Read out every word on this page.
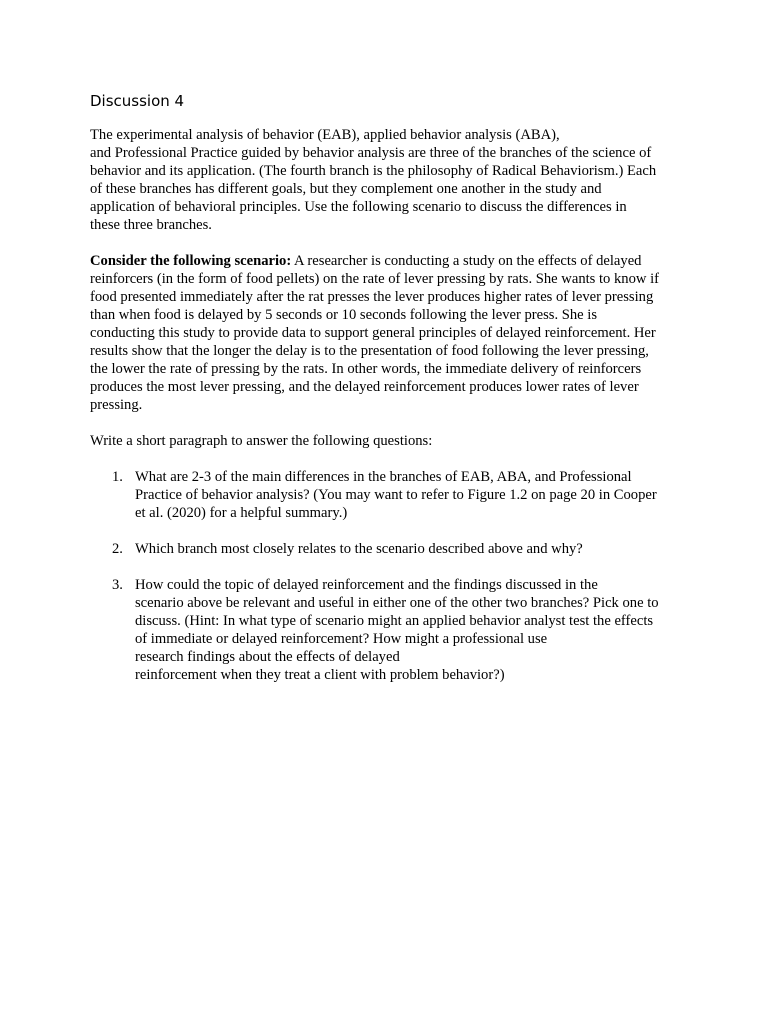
Discussion 4

The experimental analysis of behavior (EAB), applied behavior analysis (ABA),
and Professional Practice guided by behavior analysis are three of the branches of the science of
behavior and its application. (The fourth branch is the philosophy of Radical Behaviorism.) Each
of these branches has different goals, but they complement one another in the study and
application of behavioral principles. Use the following scenario to discuss the differences in
these three branches.

Consider the following scenario: A researcher is conducting a study on the effects of delayed
reinforcers (in the form of food pellets) on the rate of lever pressing by rats. She wants to know if
food presented immediately after the rat presses the lever produces higher rates of lever pressing
than when food is delayed by 5 seconds or 10 seconds following the lever press. She is
conducting this study to provide data to support general principles of delayed reinforcement. Her
results show that the longer the delay is to the presentation of food following the lever pressing,
the lower the rate of pressing by the rats. In other words, the immediate delivery of reinforcers
produces the most lever pressing, and the delayed reinforcement produces lower rates of lever
pressing.

Write a short paragraph to answer the following questions:

1. What are 2-3 of the main differences in the branches of EAB, ABA, and Professional
Practice of behavior analysis? (You may want to refer to Figure 1.2 on page 20 in Cooper
et al. (2020) for a helpful summary.)
2. Which branch most closely relates to the scenario described above and why?
3. How could the topic of delayed reinforcement and the findings discussed in the
scenario above be relevant and useful in either one of the other two branches? Pick one to
discuss. (Hint: In what type of scenario might an applied behavior analyst test the effects
of immediate or delayed reinforcement? How might a professional use
research findings about the effects of delayed
reinforcement when they treat a client with problem behavior?)
